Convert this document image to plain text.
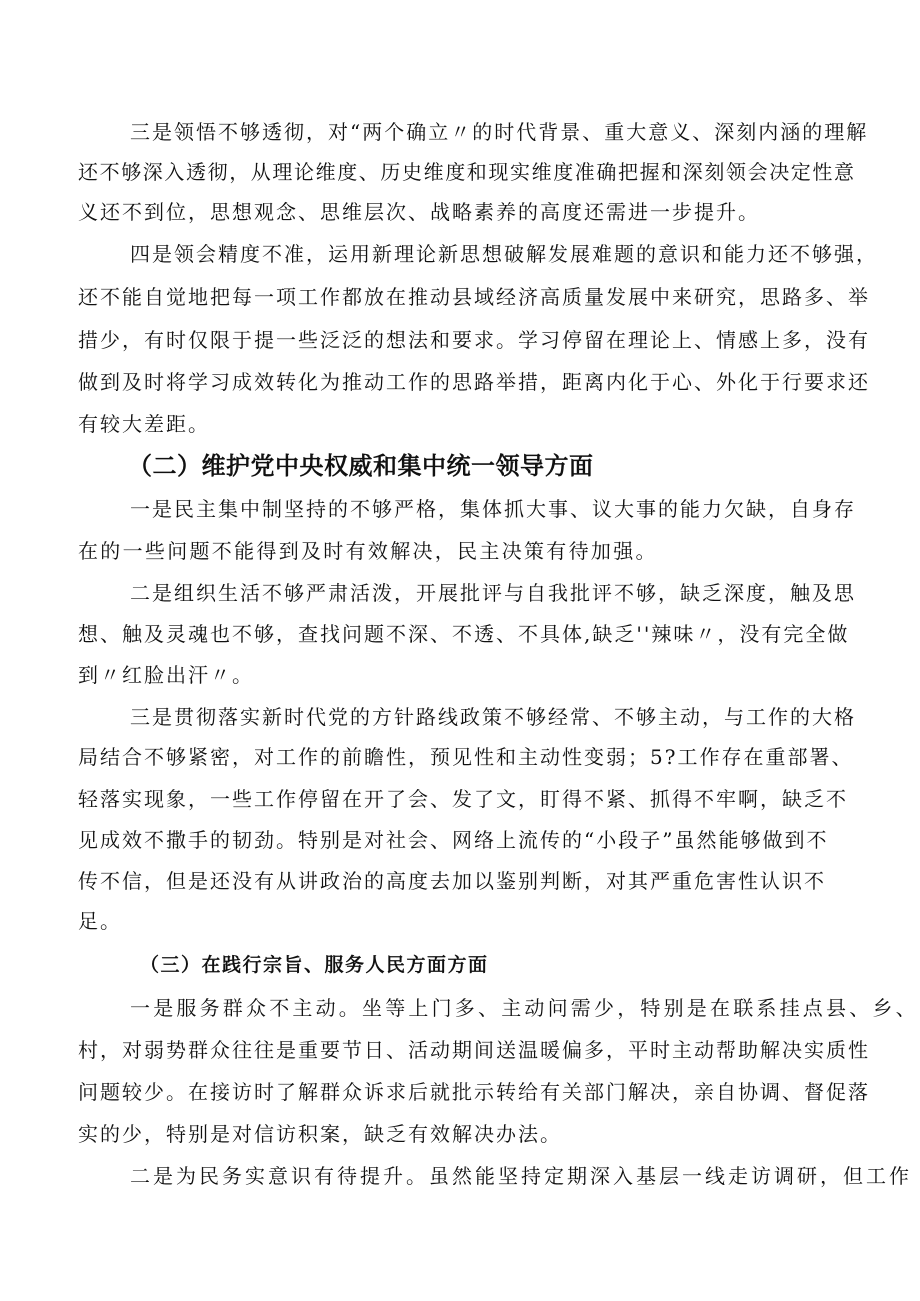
三是领悟不够透彻，对“两个确立〃的时代背景、重大意义、深刻内涵的理解

还不够深入透彻，从理论维度、历史维度和现实维度准确把握和深刻领会决定性意

义还不到位，思想观念、思维层次、战略素养的高度还需进一步提升。

四是领会精度不准，运用新理论新思想破解发展难题的意识和能力还不够强，

还不能自觉地把每一项工作都放在推动县域经济高质量发展中来研究，思路多、举

措少，有时仅限于提一些泛泛的想法和要求。学习停留在理论上、情感上多，没有

做到及时将学习成效转化为推动工作的思路举措，距离内化于心、外化于行要求还

有较大差距。

（二）维护党中央权威和集中统一领导方面

一是民主集中制坚持的不够严格，集体抓大事、议大事的能力欠缺，自身存

在的一些问题不能得到及时有效解决，民主决策有待加强。

二是组织生活不够严肃活泼，开展批评与自我批评不够，缺乏深度，触及思

想、触及灵魂也不够，查找问题不深、不透、不具体,缺乏''辣味〃，没有完全做

到〃红脸出汗〃。

三是贯彻落实新时代党的方针路线政策不够经常、不够主动，与工作的大格

局结合不够紧密，对工作的前瞻性，预见性和主动性变弱；5?工作存在重部署、

轻落实现象，一些工作停留在开了会、发了文，盯得不紧、抓得不牢啊，缺乏不

见成效不撒手的韧劲。特别是对社会、网络上流传的“小段子”虽然能够做到不

传不信，但是还没有从讲政治的高度去加以鉴别判断，对其严重危害性认识不

足。

（三）在践行宗旨、服务人民方面方面

一是服务群众不主动。坐等上门多、主动问需少，特别是在联系挂点县、乡、

村，对弱势群众往往是重要节日、活动期间送温暖偏多，平时主动帮助解决实质性

问题较少。在接访时了解群众诉求后就批示转给有关部门解决，亲自协调、督促落

实的少，特别是对信访积案，缺乏有效解决办法。

二是为民务实意识有待提升。虽然能坚持定期深入基层一线走访调研，但工作
